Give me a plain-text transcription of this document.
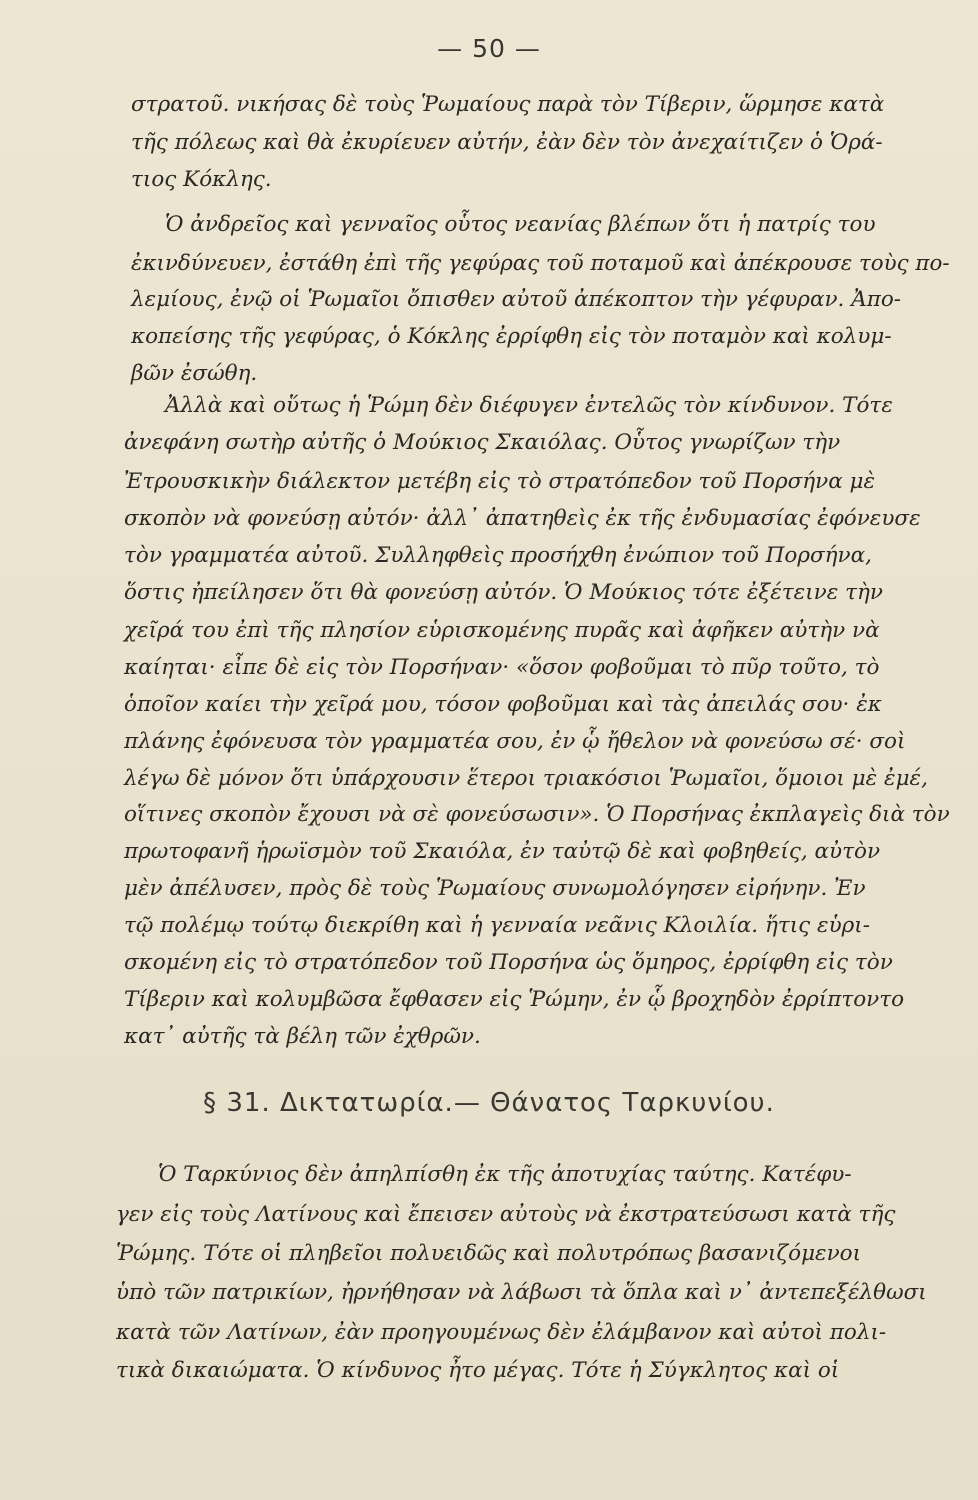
— 50 —
στρατοῦ. νικήσας δὲ τοὺς Ῥωμαίους παρὰ τὸν Τίβεριν, ὥρμησε κατὰ
τῆς πόλεως καὶ θὰ ἐκυρίευεν αὐτήν, ἐὰν δὲν τὸν ἀνεχαίτιζεν ὁ Ὁρά-
τιος Κόκλης.
Ὁ ἀνδρεῖος καὶ γενναῖος οὗτος νεανίας βλέπων ὅτι ἡ πατρίς του
ἐκινδύνευεν, ἐστάθη ἐπὶ τῆς γεφύρας τοῦ ποταμοῦ καὶ ἀπέκρουσε τοὺς πο-
λεμίους, ἐνῷ οἱ Ῥωμαῖοι ὄπισθεν αὐτοῦ ἀπέκοπτον τὴν γέφυραν. Ἀπο-
κοπείσης τῆς γεφύρας, ὁ Κόκλης ἐρρίφθη εἰς τὸν ποταμὸν καὶ κολυμ-
βῶν ἐσώθη.
Ἀλλὰ καὶ οὕτως ἡ Ῥώμη δὲν διέφυγεν ἐντελῶς τὸν κίνδυνον. Τότε
ἀνεφάνη σωτὴρ αὐτῆς ὁ Μούκιος Σκαιόλας. Οὗτος γνωρίζων τὴν
Ἐτρουσκικὴν διάλεκτον μετέβη εἰς τὸ στρατόπεδον τοῦ Πορσήνα μὲ
σκοπὸν νὰ φονεύσῃ αὐτόν· ἀλλ᾽ ἀπατηθεὶς ἐκ τῆς ἐνδυμασίας ἐφόνευσε
τὸν γραμματέα αὐτοῦ. Συλληφθεὶς προσήχθη ἐνώπιον τοῦ Πορσήνα,
ὅστις ἠπείλησεν ὅτι θὰ φονεύσῃ αὐτόν. Ὁ Μούκιος τότε ἐξέτεινε τὴν
χεῖρά του ἐπὶ τῆς πλησίον εὑρισκομένης πυρᾶς καὶ ἀφῆκεν αὐτὴν νὰ
καίηται· εἶπε δὲ εἰς τὸν Πορσήναν· «ὅσον φοβοῦμαι τὸ πῦρ τοῦτο, τὸ
ὁποῖον καίει τὴν χεῖρά μου, τόσον φοβοῦμαι καὶ τὰς ἀπειλάς σου· ἐκ
πλάνης ἐφόνευσα τὸν γραμματέα σου, ἐν ᾧ ἤθελον νὰ φονεύσω σέ· σοὶ
λέγω δὲ μόνον ὅτι ὑπάρχουσιν ἕτεροι τριακόσιοι Ῥωμαῖοι, ὅμοιοι μὲ ἐμέ,
οἵτινες σκοπὸν ἔχουσι νὰ σὲ φονεύσωσιν». Ὁ Πορσήνας ἐκπλαγεὶς διὰ τὸν
πρωτοφανῆ ἡρωϊσμὸν τοῦ Σκαιόλα, ἐν ταὐτῷ δὲ καὶ φοβηθείς, αὐτὸν
μὲν ἀπέλυσεν, πρὸς δὲ τοὺς Ῥωμαίους συνωμολόγησεν εἰρήνην. Ἐν
τῷ πολέμῳ τούτῳ διεκρίθη καὶ ἡ γενναία νεᾶνις Κλοιλία. ἥτις εὑρι-
σκομένη εἰς τὸ στρατόπεδον τοῦ Πορσήνα ὡς ὅμηρος, ἐρρίφθη εἰς τὸν
Τίβεριν καὶ κολυμβῶσα ἔφθασεν εἰς Ῥώμην, ἐν ᾧ βροχηδὸν ἐρρίπτοντο
κατ᾽ αὐτῆς τὰ βέλη τῶν ἐχθρῶν.
§ 31. Δικτατωρία.— Θάνατος Ταρκυνίου.
Ὁ Ταρκύνιος δὲν ἀπηλπίσθη ἐκ τῆς ἀποτυχίας ταύτης. Κατέφυ-
γεν εἰς τοὺς Λατίνους καὶ ἔπεισεν αὐτοὺς νὰ ἐκστρατεύσωσι κατὰ τῆς
Ῥώμης. Τότε οἱ πληβεῖοι πολυειδῶς καὶ πολυτρόπως βασανιζόμενοι
ὑπὸ τῶν πατρικίων, ἠρνήθησαν νὰ λάβωσι τὰ ὅπλα καὶ ν᾽ ἀντεπεξέλθωσι
κατὰ τῶν Λατίνων, ἐὰν προηγουμένως δὲν ἐλάμβανον καὶ αὐτοὶ πολι-
τικὰ δικαιώματα. Ὁ κίνδυνος ἦτο μέγας. Τότε ἡ Σύγκλητος καὶ οἱ
